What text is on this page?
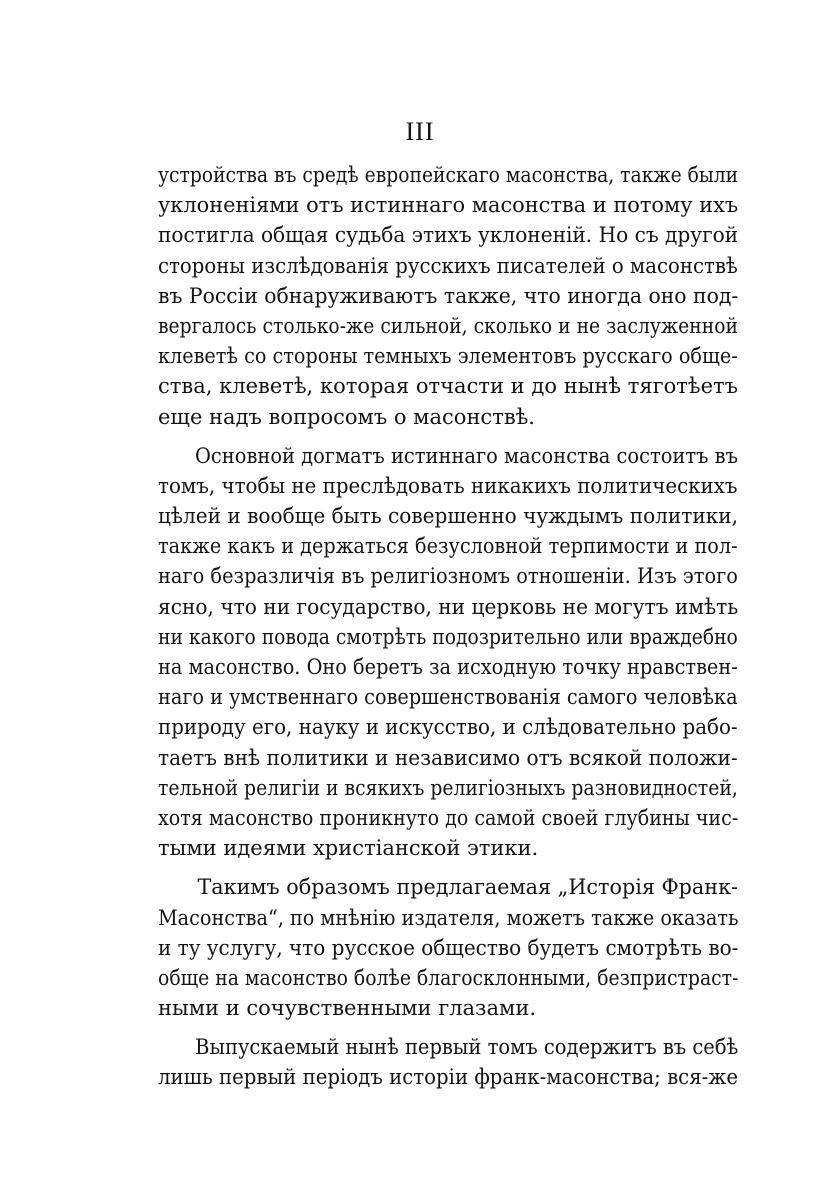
III
устройства въ средѣ европейскаго масонства, также былиуклоненіями отъ истиннаго масонства и потому ихъпостигла общая судьба этихъ уклоненій. Но съ другойстороны изслѣдованія русскихъ писателей о масонствѣвъ Россіи обнаруживаютъ также, что иногда оно под-вергалось столько-же сильной, сколько и не заслуженнойклеветѣ со стороны темныхъ элементовъ русскаго обще-
ства, клеветѣ, которая отчасти и до нынѣ тяготѣетъ
еще надъ вопросомъ о масонствѣ.
Основной догматъ истиннаго масонства состоитъ вътомъ, чтобы не преслѣдовать никакихъ политическихъцѣлей и вообще быть совершенно чуждымъ политики,также какъ и держаться безусловной терпимости и пол-наго безразличія въ религіозномъ отношеніи. Изъ этогоясно, что ни государство, ни церковь не могутъ имѣтьни какого повода смотрѣть подозрительно или враждебнона масонство. Оно беретъ за исходную точку нравствен-наго и умственнаго совершенствованія самого человѣкаприроду его, науку и искусство, и слѣдовательно рабо-таетъ внѣ политики и независимо отъ всякой положи-тельной религіи и всякихъ религіозныхъ разновидностей,хотя масонство проникнуто до самой своей глубины чис-
тыми идеями христіанской этики.
Такимъ образомъ предлагаемая „Исторія Франк-Масонства“, по мнѣнію издателя, можетъ также оказатьи ту услугу, что русское общество будетъ смотрѣть во-обще на масонство болѣе благосклонными, безпристраст-
ными и сочувственными глазами.
Выпускаемый нынѣ первый томъ содержитъ въ себѣлишь первый періодъ исторіи франк-масонства; вся-же
